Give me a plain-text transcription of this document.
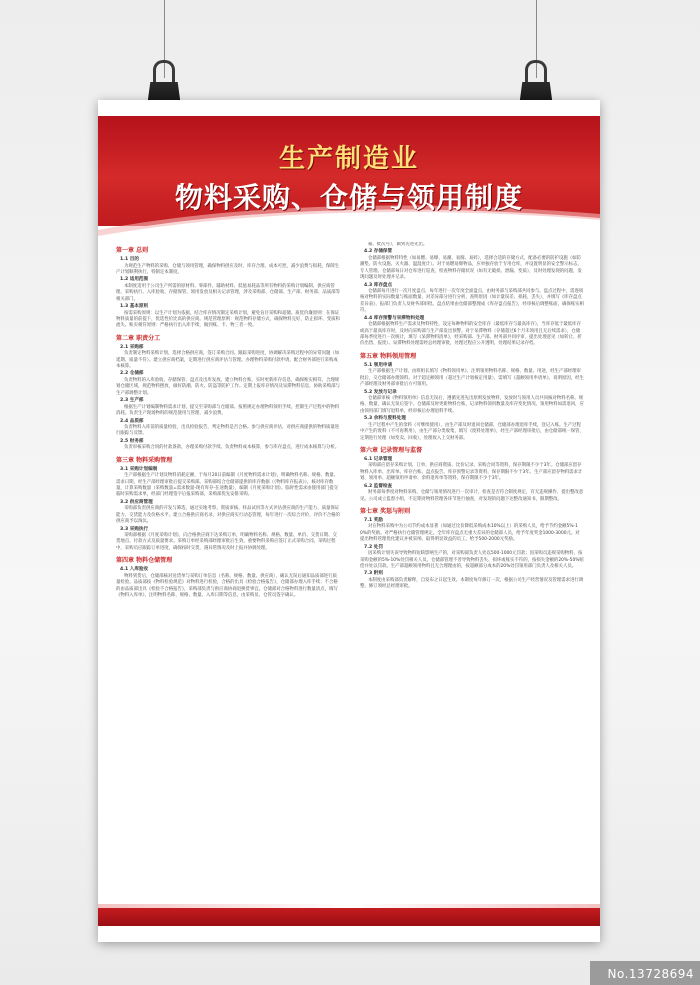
生产制造业
物料采购、仓储与领用制度
第一章 总则
1.1 目的
为规范生产物料的采购、仓储与领用管理，确保物料供应及时、库存合理、成本可控，减少浪费与损耗，保障生产计划顺利执行，特制定本制度。
1.2 适用范围
本制度适用于公司生产所需的原材料、零部件、辅助材料、低值易耗品等所有物料的采购计划编制、供应商管理、采购执行、入库验收、存储保管、领用发放及相关记录管理，涉及采购部、仓储部、生产部、财务部、品质部等相关部门。
1.3 基本原则
按需采购原则：以生产计划为依据，结合库存情况制定采购计划，避免盲目采购和超储。质优价廉原则：在保证物料质量的前提下，优选性价比高的供应商。规范管理原则：规范物料存储方式，确保物料完好，防止损坏、变质和流失。账实相符原则：严格执行出入库手续，做到账、卡、物三者一致。
第二章 职责分工
2.1 采购部
负责制定物料采购计划，选择合格供应商，签订采购合同。跟踪采购进度，协调解决采购过程中的异常问题（如延期、质量不符）。建立供应商档案，定期进行供应商评估与管理。办理物料采购付款申请，配合财务部进行采购成本核算。
2.2 仓储部
负责物料的入库验收、存储保管、盘点及出库发放。建立物料台账，实时更新库存信息，确保账实相符。合理规划仓储区域，规范物料摆放，做好防潮、防火、防盗等防护工作。定期上报库存情况及呆滞物料信息，协助采购部与生产部调整计划。
2.3 生产部
根据生产计划编制物料需求计划，提交至采购部与仓储部。按照规定办理物料领用手续，控制生产过程中的物料消耗。负责生产现场物料的规范使用与管理，减少浪费。
2.4 品质部
负责物料入库前的质量检验，出具检验报告，判定物料是否合格。参与供应商评估，对供应商提供的物料质量进行跟踪与反馈。
2.5 财务部
负责审核采购合同的付款条款，办理采购付款手续。负责物料成本核算，参与库存盘点，进行成本核算与分析。
第三章 物料采购管理
3.1 采购计划编制
生产部根据生产计划及物料消耗定额，于每月20日前编制《月度物料需求计划》，明确物料名称、规格、数量、需求日期，经生产部经理审批后提交采购部。采购部结合仓储部提供的库存数据（《物料库存报表》），核对库存数量，计算采购数量（采购数量=需求数量-现有库存-在途数量），编制《月度采购计划》。临时性需求由使用部门提交临时采购需求单，经部门经理签字后报采购部，采购部优先安排采购。
3.2 供应商管理
采购部负责供应商的开发与筛选，通过实地考察、资质审核、样品试用等方式评估供应商的生产能力、质量保证能力、交货能力及价格水平。建立合格供应商名录，对供应商实行动态管理，每年进行一次综合评价，评价不合格的供应商予以淘汰。
3.3 采购执行
采购部根据《月度采购计划》，向合格供应商下达采购订单，明确物料名称、规格、数量、单价、交货日期、交货地点、付款方式及质量要求。采购订单经采购部经理审批后生效，重要物料采购应签订正式采购合同。采购过程中，采购员应跟踪订单进度，确保按时交货，遇异常情况及时上报并协调处理。
第四章 物料仓储管理
4.1 入库验收
物料到货后，仓储部核对送货单与采购订单信息（名称、规格、数量、供应商），确认无误后通知品质部进行质量检验。品质部按《物料检验规范》对物料进行检验，合格的出具《检验合格报告》，仓储部办理入库手续；不合格的由品质部出具《检验不合格报告》，采购部负责与供应商协商退换货事宜。仓储部对合格物料进行数量清点，填写《物料入库单》，注明物料名称、规格、数量、入库日期等信息，由采购员、仓管员签字确认。
箱、批次号），做到先进先出。
4.2 存储保管
仓储部根据物料特性（如易燃、易爆、易潮、易腐、易碎），选择合适的存储方式，配备必要的防护设施（如防潮垫、防火设施、灭火器、温湿度计）。对于易燃易爆物品，应单独存放于专用仓库，并设置明显的安全警示标志，专人管理。仓储部每日对仓库进行巡查，检查物料存储状况（如有无破损、泄漏、变质），及时处理发现的问题，发现问题及时处理并记录。
4.3 库存盘点
仓储部每月进行一次月度盘点，每年进行一次年度全面盘点，由财务部与采购部共同参与。盘点过程中，需逐项核对物料的实际数量与账面数量，对差异部分进行分析，查明原因（如计量误差、损耗、丢失），并填写《库存盘点差异表》，报部门负责人及财务部审批。盘点结果由仓储部整理成《库存盘点报告》，经审核后调整账面，确保账实相符。
4.4 库存预警与呆滞物料处理
仓储部根据物料生产需求及物料特性，设定每种物料的安全库存（最低库存与最高库存），当库存低于最低库存或高于最高库存时，及时向采购部与生产部发出预警。对于呆滞物料（存储超过6个月未领用且无后续需求），仓储部每季度进行一次统计，填写《呆滞物料清单》，经采购部、生产部、财务部共同评审，提出处理意见（如转让、折价出售、报废）。呆滞物料处理需经总经理审批，处理过程应公开透明，处理结果记录存档。
第五章 物料领用管理
5.1 领用申请
生产部根据生产计划，由班组长填写《物料领用单》，注明领用物料名称、规格、数量、用途，经生产部经理审批后，交仓储部办理领料。对于超定额领用（超过生产计划核定用量），需填写《超额领用申请单》，说明原因，经生产部经理及财务部审批后方可领用。
5.2 发放与记录
仓储部审核《物料领用单》信息无误后，遵循先进先出原则发放物料，发放时与领用人员共同核对物料名称、规格、数量，确认无误后签字。仓储部及时更新物料台账，记录物料领用数量及库存变化情况。领用物料如需退回，应由领用部门填写退料单，经审核后办理退料手续。
5.3 余料与废料处理
生产过程中产生的余料（可继续使用），由生产部及时退回仓储部，仓储部办理退库手续，登记入账。生产过程中产生的废料（不可再利用），由生产部分类收集，填写《废料处理单》，经生产部经理审批后，由仓储部统一保管，定期进行处理（如变卖、回收），处理收入上交财务部。
第六章 记录管理与监督
6.1 记录管理
采购部应留存采购计划、订单、供应商资质、比价记录、采购合同等资料，保存期限不少于3年。仓储部应留存物料入库单、出库单、库存台账、盘点报告、库存预警记录等资料，保存期限不少于3年。生产部应留存物料需求计划、领用单、超额领用申请单、余料退库单等资料，保存期限不少于3年。
6.2 监督检查
财务部每季度对物料采购、仓储与领用情况进行一次审计，检查是否符合制度规定，有无违规操作，提出整改意见。公司成立监督小组，不定期对物料管理各环节进行抽查，对发现的问题下达整改通知书，限期整改。
第七章 奖惩与附则
7.1 奖励
对在物料采购中为公司节约成本显著（如通过比价降低采购成本10%以上）的采购人员，给予节约金额5%-10%的奖励。对严格执行仓储管理规定，全年库存盘点无重大差异的仓储部人员，给予年度奖金1000-3000元。对提出物料管理优化建议并被采纳、取得明显效益的员工，给予500-2000元奖励。
7.2 处罚
因采购计划失误导致物料短缺影响生产的，对采购部负责人处以500-1000元罚款；因采购员违规采购物料，按采购金额的5%-10%处罚相关人员。仓储部管理不善导致物料丢失、损坏或账实不符的，按损失金额的20%-50%赔偿并处以罚款。生产部超额领用物料且无合理理由的，按超额部分成本的20%处罚领用部门负责人及相关人员。
7.3 附则
本制度由采购部负责解释，自发布之日起生效。本制度每年修订一次，根据公司生产经营情况及管理需求进行调整，修订须经总经理审批。
No.13728694
